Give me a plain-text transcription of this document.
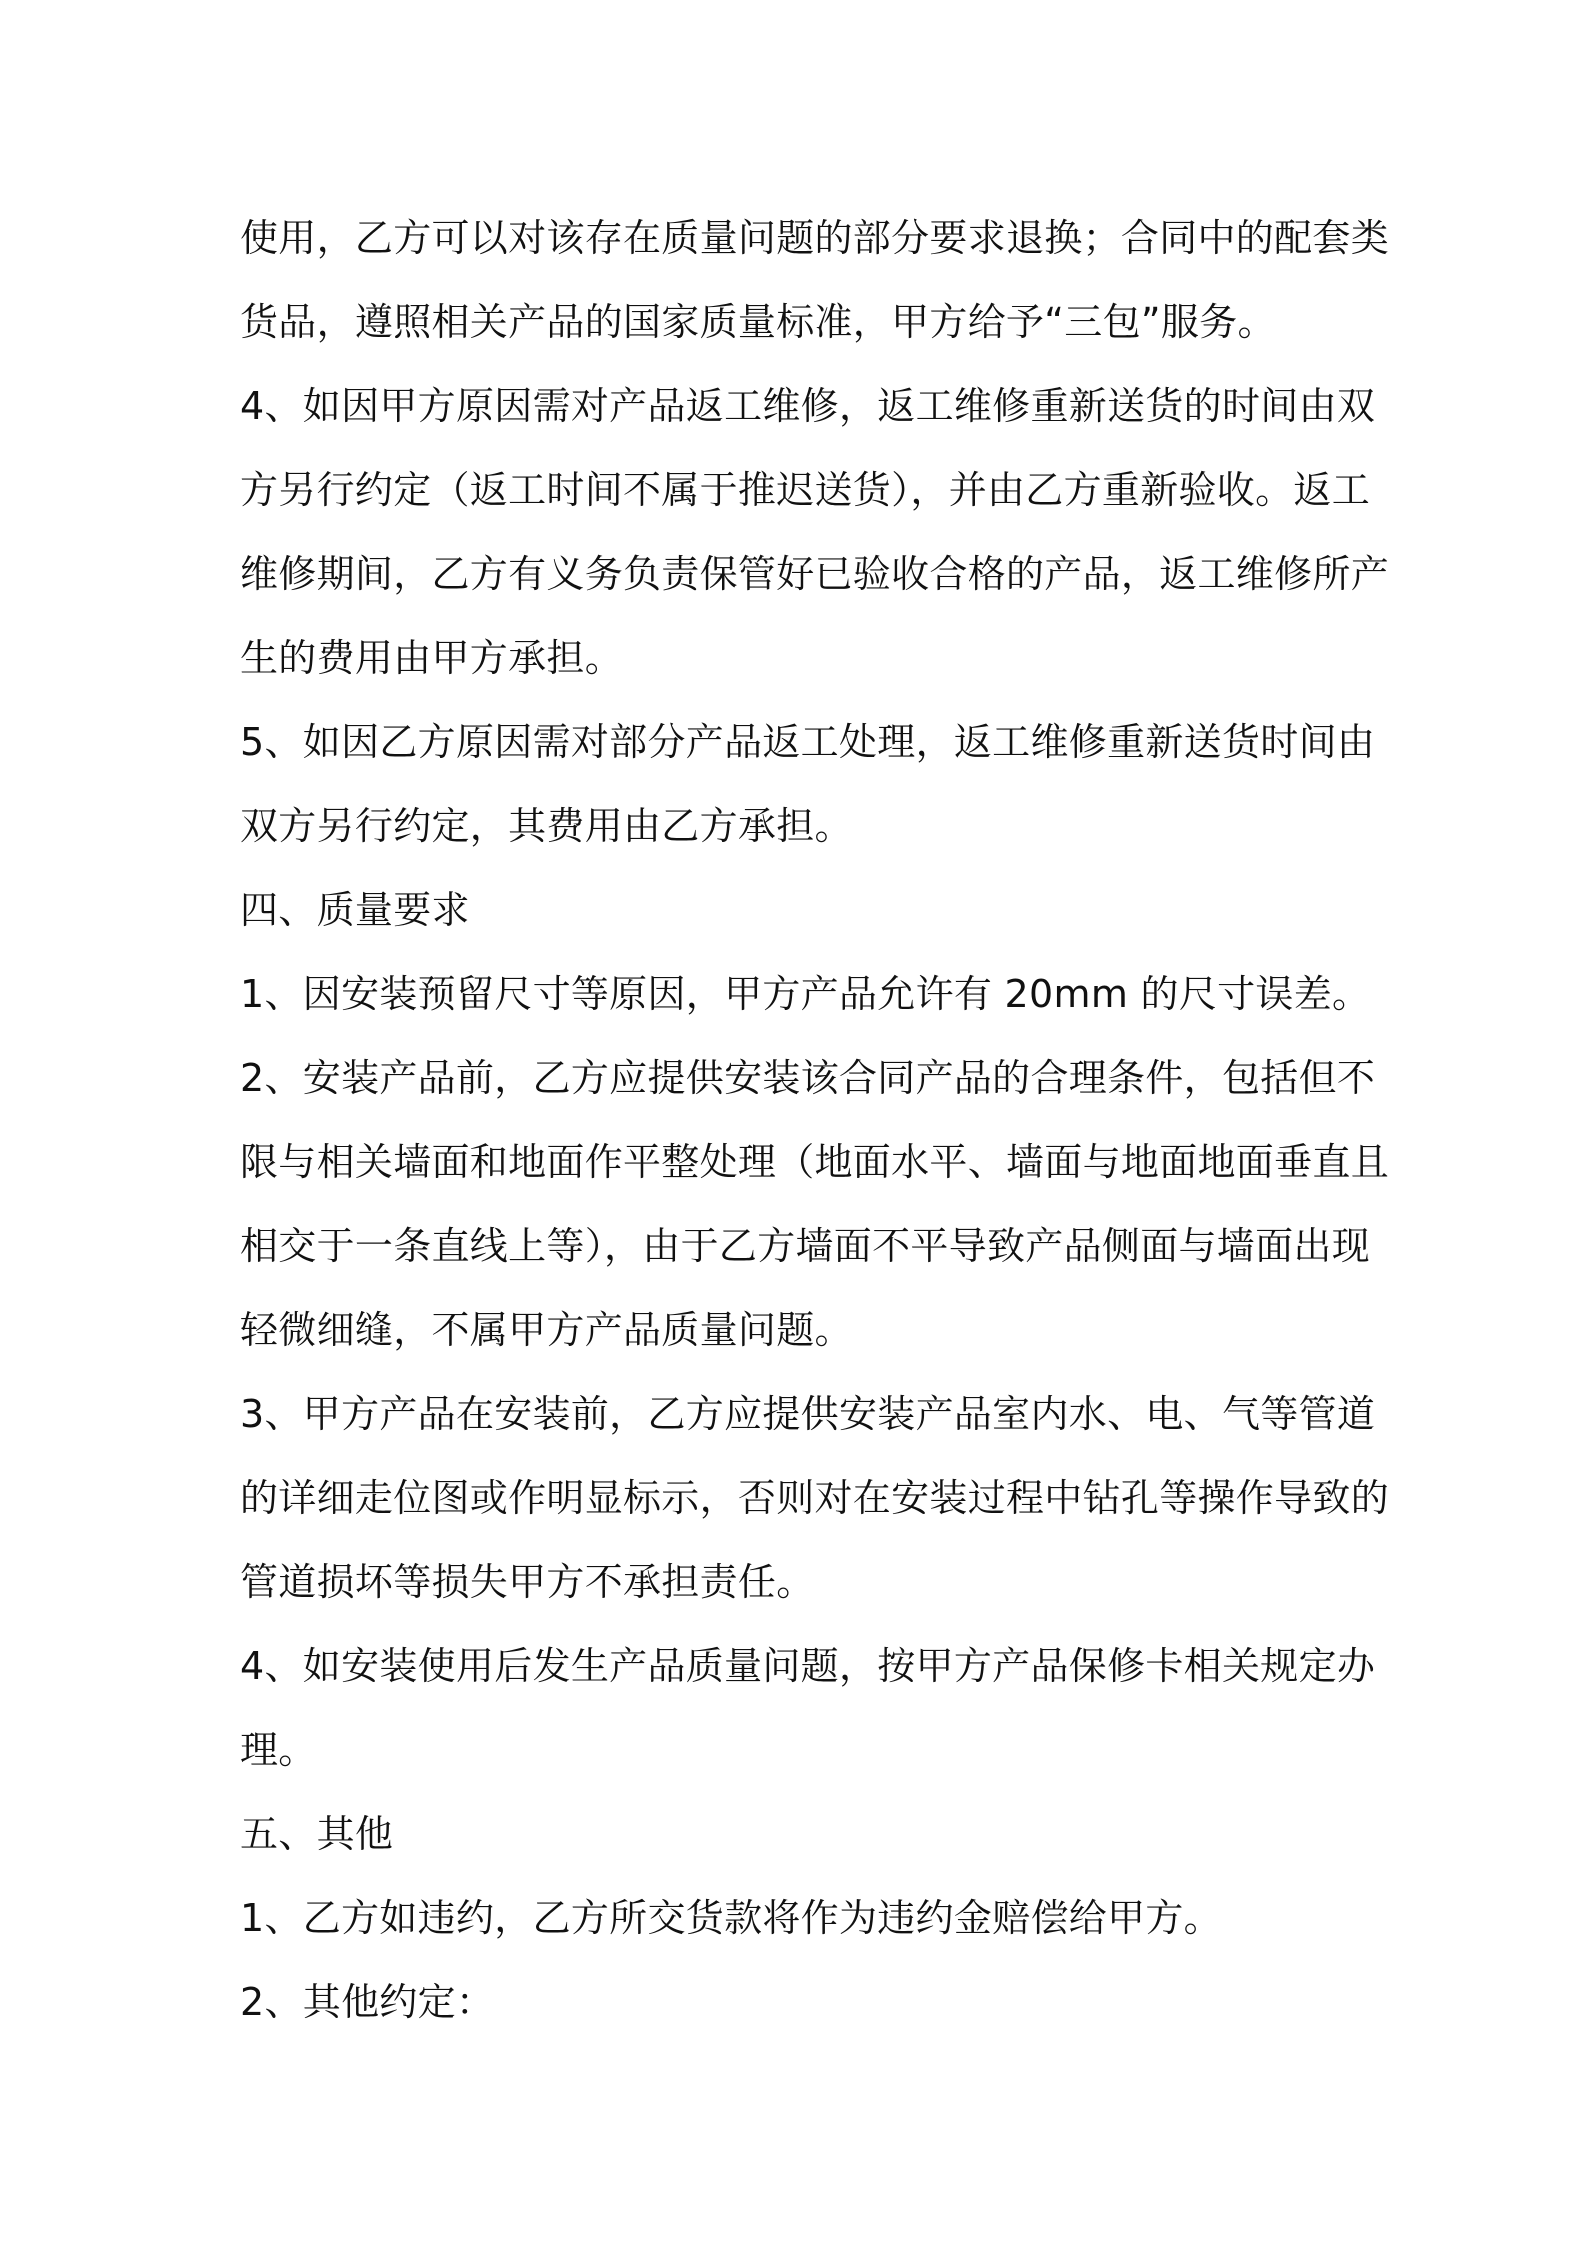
使用，乙方可以对该存在质量问题的部分要求退换；合同中的配套类
货品，遵照相关产品的国家质量标准，甲方给予“三包”服务。
4、如因甲方原因需对产品返工维修，返工维修重新送货的时间由双
方另行约定（返工时间不属于推迟送货），并由乙方重新验收。返工
维修期间，乙方有义务负责保管好已验收合格的产品，返工维修所产
生的费用由甲方承担。
5、如因乙方原因需对部分产品返工处理，返工维修重新送货时间由
双方另行约定，其费用由乙方承担。
四、质量要求
1、因安装预留尺寸等原因，甲方产品允许有 20mm 的尺寸误差。
2、安装产品前，乙方应提供安装该合同产品的合理条件，包括但不
限与相关墙面和地面作平整处理（地面水平、墙面与地面地面垂直且
相交于一条直线上等），由于乙方墙面不平导致产品侧面与墙面出现
轻微细缝，不属甲方产品质量问题。
3、甲方产品在安装前，乙方应提供安装产品室内水、电、气等管道
的详细走位图或作明显标示，否则对在安装过程中钻孔等操作导致的
管道损坏等损失甲方不承担责任。
4、如安装使用后发生产品质量问题，按甲方产品保修卡相关规定办
理。
五、其他
1、乙方如违约，乙方所交货款将作为违约金赔偿给甲方。
2、其他约定：
